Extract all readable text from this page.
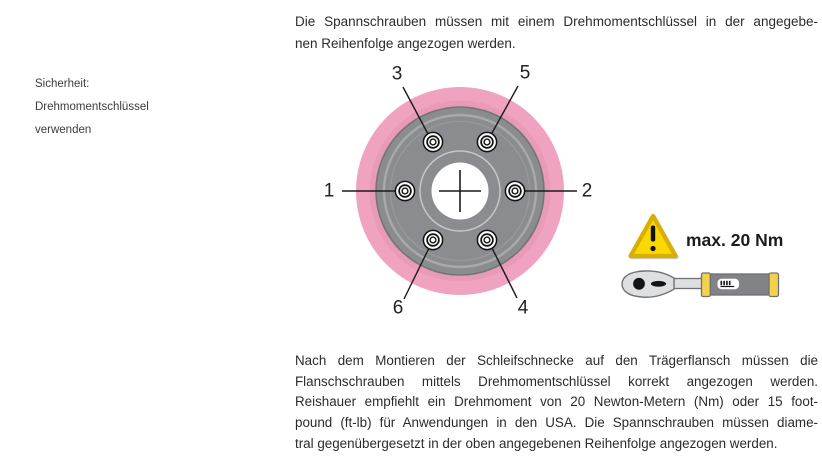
Sicherheit:
Drehmomentschlüssel
verwenden
Die Spannschrauben müssen mit einem Drehmomentschlüssel in der angegebe-
nen Reihenfolge angezogen werden.
1	2
3	5
6	4
max. 20 Nm
Nach dem Montieren der Schleifschnecke auf den Trägerflansch müssen die
Flanschschrauben mittels Drehmomentschlüssel korrekt angezogen werden.
Reishauer empfiehlt ein Drehmoment von 20 Newton-Metern (Nm) oder 15 foot-
pound (ft-lb) für Anwendungen in den USA. Die Spannschrauben müssen diame-
tral gegenübergesetzt in der oben angegebenen Reihenfolge angezogen werden.
